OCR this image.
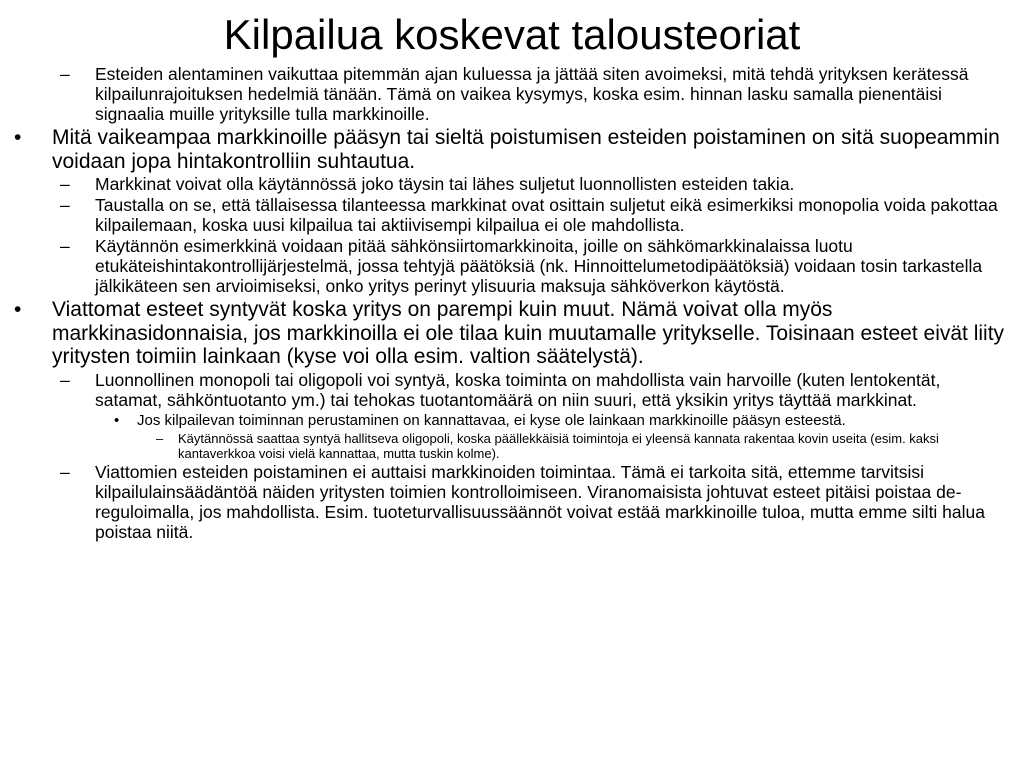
Kilpailua koskevat talousteoriat
– Esteiden alentaminen vaikuttaa pitemmän ajan kuluessa ja jättää siten avoimeksi, mitä tehdä yrityksen kerätessä kilpailunrajoituksen hedelmiä tänään. Tämä on vaikea kysymys, koska esim. hinnan lasku samalla pienentäisi signaalia muille yrityksille tulla markkinoille.
• Mitä vaikeampaa markkinoille pääsyn tai sieltä poistumisen esteiden poistaminen on sitä suopeammin voidaan jopa hintakontrolliin suhtautua.
– Markkinat voivat olla käytännössä joko täysin tai lähes suljetut luonnollisten esteiden takia.
– Taustalla on se, että tällaisessa tilanteessa markkinat ovat osittain suljetut eikä esimerkiksi monopolia voida pakottaa kilpailemaan, koska uusi kilpailua tai aktiivisempi kilpailua ei ole mahdollista.
– Käytännön esimerkkinä voidaan pitää sähkönsiirtomarkkinoita, joille on sähkömarkkinalaissa luotu etukäteishintakontrollijärjestelmä, jossa tehtyjä päätöksiä (nk. Hinnoittelumetodipäätöksiä) voidaan tosin tarkastella jälkikäteen sen arvioimiseksi, onko yritys perinyt ylisuuria maksuja sähköverkon käytöstä.
• Viattomat esteet syntyvät koska yritys on parempi kuin muut. Nämä voivat olla myös markkinasidonnaisia, jos markkinoilla ei ole tilaa kuin muutamalle yritykselle. Toisinaan esteet eivät liity yritysten toimiin lainkaan (kyse voi olla esim. valtion säätelystä).
– Luonnollinen monopoli tai oligopoli voi syntyä, koska toiminta on mahdollista vain harvoille (kuten lentokentät, satamat, sähköntuotanto ym.) tai tehokas tuotantomäärä on niin suuri, että yksikin yritys täyttää markkinat.
• Jos kilpailevan toiminnan perustaminen on kannattavaa, ei kyse ole lainkaan markkinoille pääsyn esteestä.
– Käytännössä saattaa syntyä hallitseva oligopoli, koska päällekkäisiä toimintoja ei yleensä kannata rakentaa kovin useita (esim. kaksi kantaverkkoa voisi vielä kannattaa, mutta tuskin kolme).
– Viattomien esteiden poistaminen ei auttaisi markkinoiden toimintaa. Tämä ei tarkoita sitä, ettemme tarvitsisi kilpailulainsäädäntöä näiden yritysten toimien kontrolloimiseen. Viranomaisista johtuvat esteet pitäisi poistaa de-reguloimalla, jos mahdollista. Esim. tuoteturvallisuussäännöt voivat estää markkinoille tuloa, mutta emme silti halua poistaa niitä.
